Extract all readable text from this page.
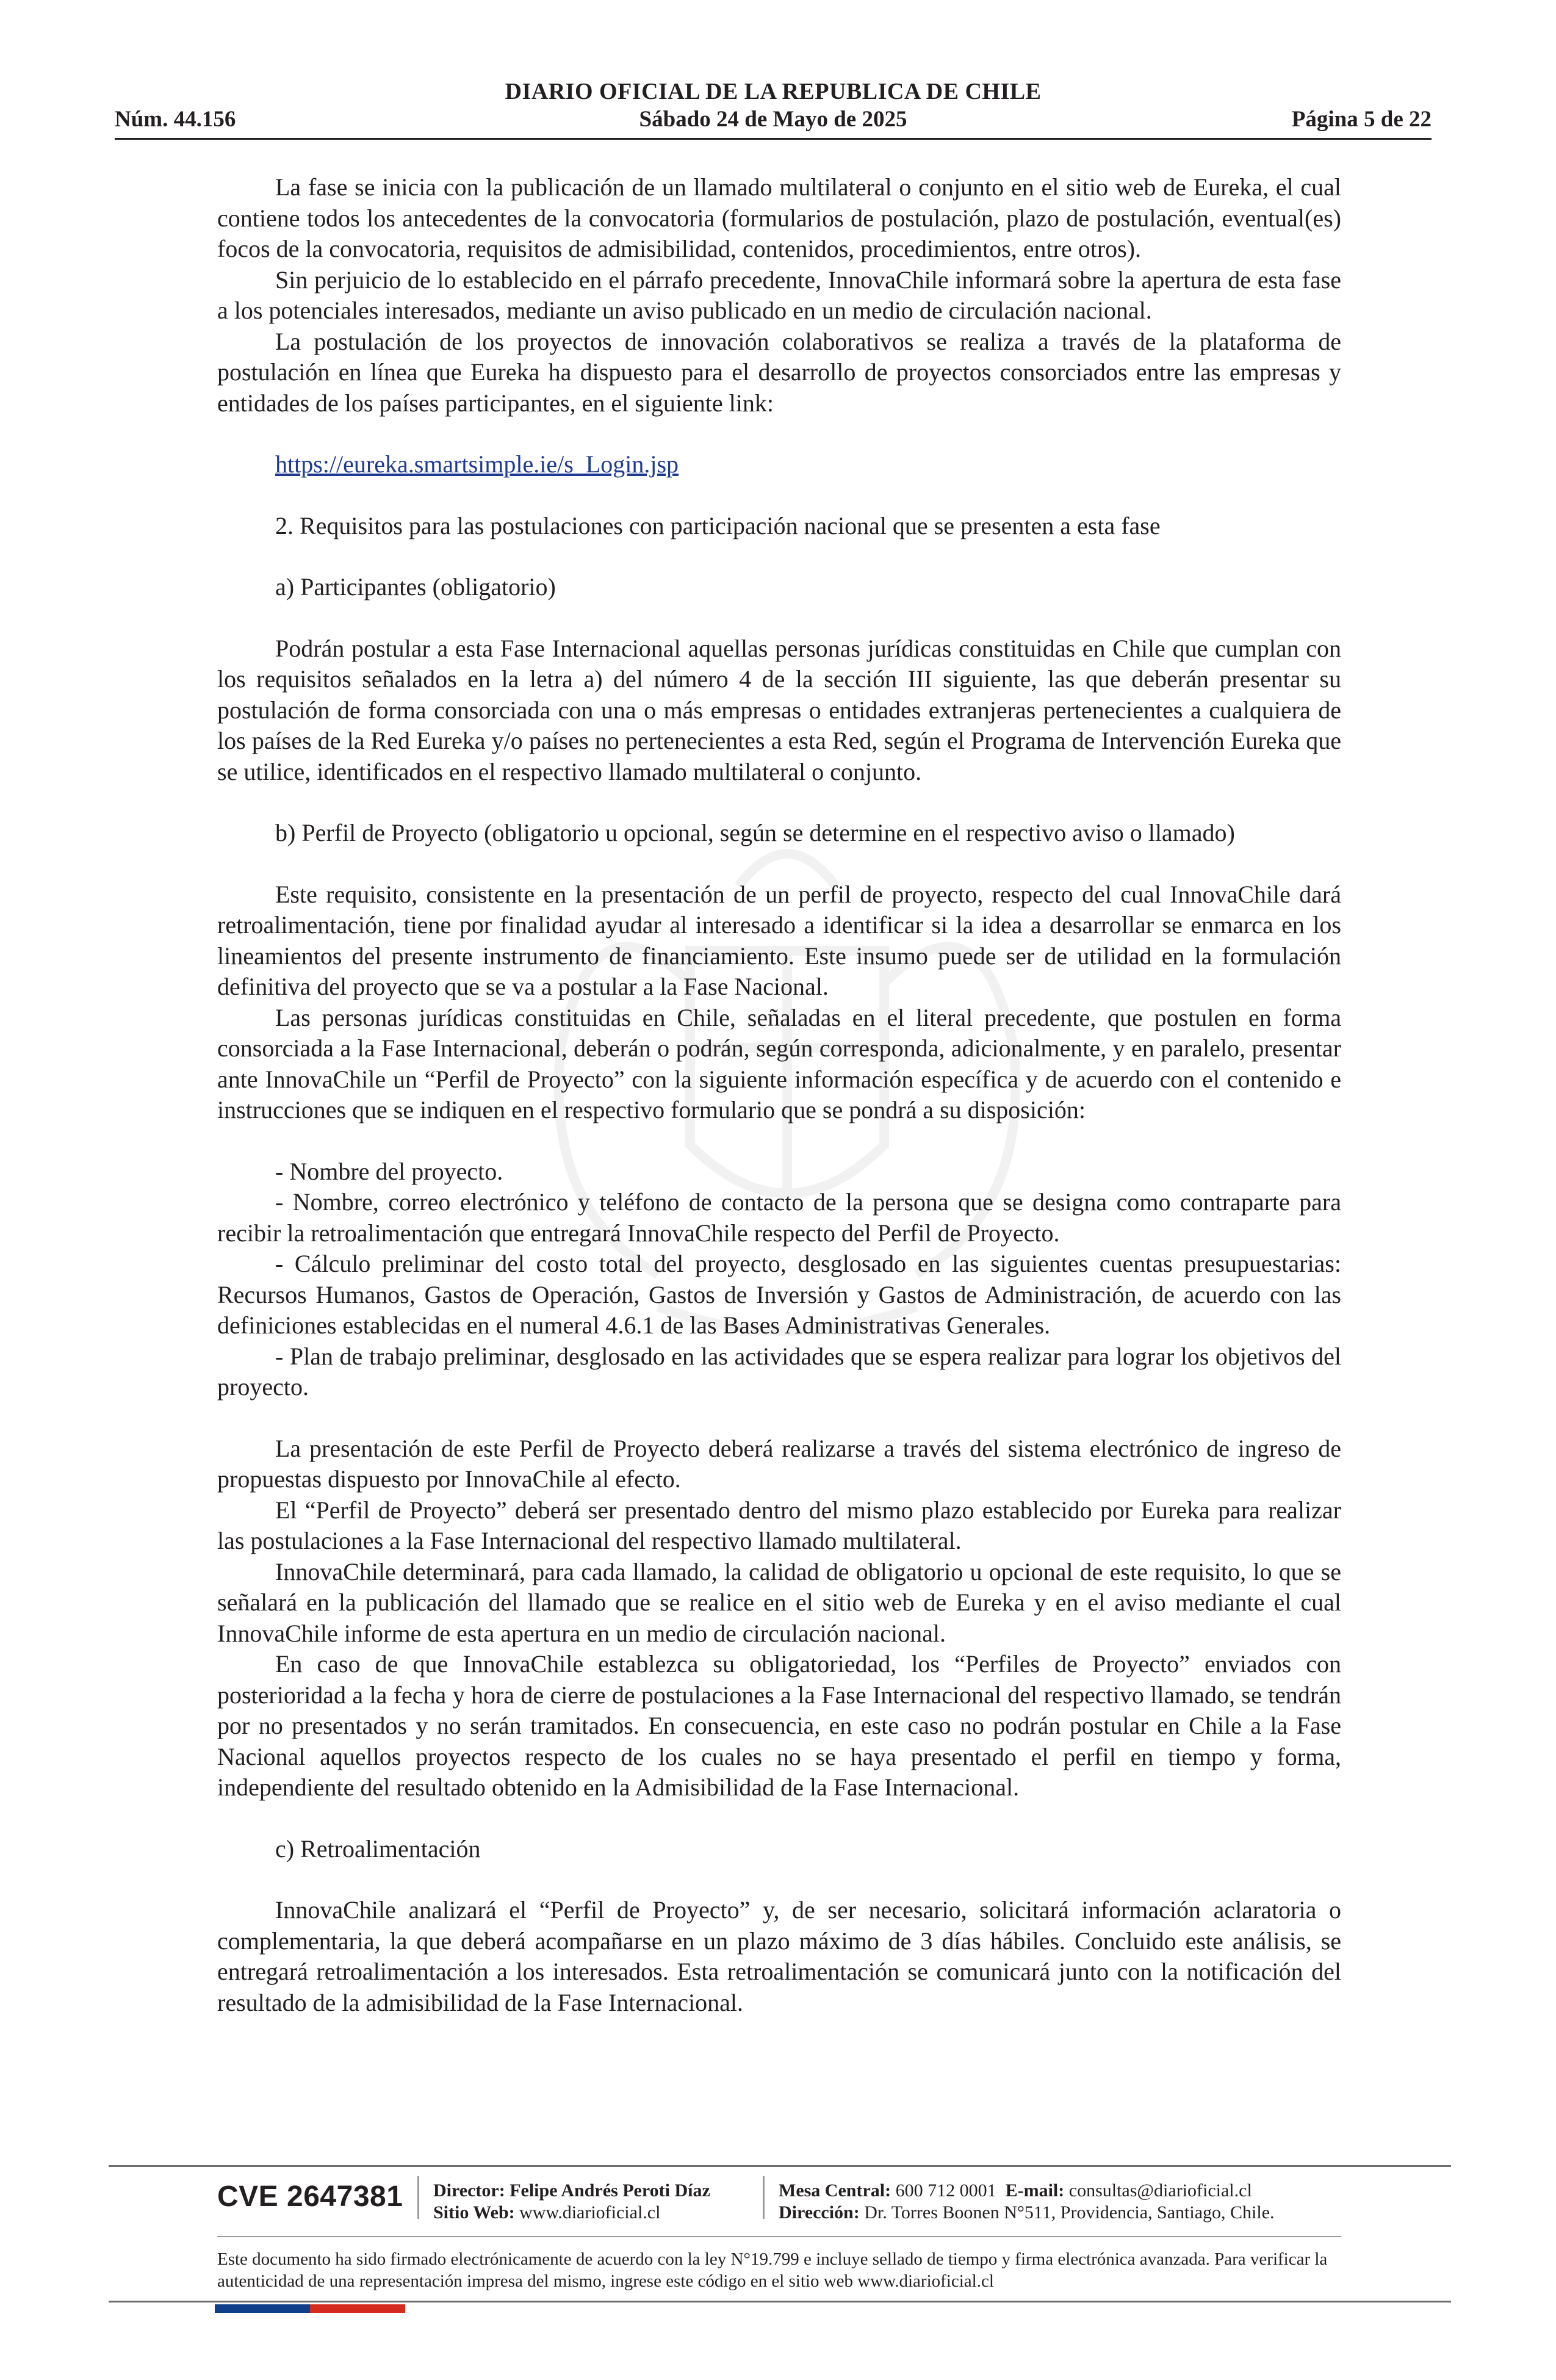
DIARIO OFICIAL DE LA REPUBLICA DE CHILE
Núm. 44.156	Sábado 24 de Mayo de 2025	Página 5 de 22

La fase se inicia con la publicación de un llamado multilateral o conjunto en el sitio web de Eureka, el cual contiene todos los antecedentes de la convocatoria (formularios de postulación, plazo de postulación, eventual(es) focos de la convocatoria, requisitos de admisibilidad, contenidos, procedimientos, entre otros).

Sin perjuicio de lo establecido en el párrafo precedente, InnovaChile informará sobre la apertura de esta fase a los potenciales interesados, mediante un aviso publicado en un medio de circulación nacional.

La postulación de los proyectos de innovación colaborativos se realiza a través de la plataforma de postulación en línea que Eureka ha dispuesto para el desarrollo de proyectos consorciados entre las empresas y entidades de los países participantes, en el siguiente link:

https://eureka.smartsimple.ie/s_Login.jsp

2. Requisitos para las postulaciones con participación nacional que se presenten a esta fase

a) Participantes (obligatorio)

Podrán postular a esta Fase Internacional aquellas personas jurídicas constituidas en Chile que cumplan con los requisitos señalados en la letra a) del número 4 de la sección III siguiente, las que deberán presentar su postulación de forma consorciada con una o más empresas o entidades extranjeras pertenecientes a cualquiera de los países de la Red Eureka y/o países no pertenecientes a esta Red, según el Programa de Intervención Eureka que se utilice, identificados en el respectivo llamado multilateral o conjunto.

b) Perfil de Proyecto (obligatorio u opcional, según se determine en el respectivo aviso o llamado)

Este requisito, consistente en la presentación de un perfil de proyecto, respecto del cual InnovaChile dará retroalimentación, tiene por finalidad ayudar al interesado a identificar si la idea a desarrollar se enmarca en los lineamientos del presente instrumento de financiamiento. Este insumo puede ser de utilidad en la formulación definitiva del proyecto que se va a postular a la Fase Nacional.

Las personas jurídicas constituidas en Chile, señaladas en el literal precedente, que postulen en forma consorciada a la Fase Internacional, deberán o podrán, según corresponda, adicionalmente, y en paralelo, presentar ante InnovaChile un “Perfil de Proyecto” con la siguiente información específica y de acuerdo con el contenido e instrucciones que se indiquen en el respectivo formulario que se pondrá a su disposición:

- Nombre del proyecto.

- Nombre, correo electrónico y teléfono de contacto de la persona que se designa como contraparte para recibir la retroalimentación que entregará InnovaChile respecto del Perfil de Proyecto.

- Cálculo preliminar del costo total del proyecto, desglosado en las siguientes cuentas presupuestarias: Recursos Humanos, Gastos de Operación, Gastos de Inversión y Gastos de Administración, de acuerdo con las definiciones establecidas en el numeral 4.6.1 de las Bases Administrativas Generales.

- Plan de trabajo preliminar, desglosado en las actividades que se espera realizar para lograr los objetivos del proyecto.

La presentación de este Perfil de Proyecto deberá realizarse a través del sistema electrónico de ingreso de propuestas dispuesto por InnovaChile al efecto.

El “Perfil de Proyecto” deberá ser presentado dentro del mismo plazo establecido por Eureka para realizar las postulaciones a la Fase Internacional del respectivo llamado multilateral.

InnovaChile determinará, para cada llamado, la calidad de obligatorio u opcional de este requisito, lo que se señalará en la publicación del llamado que se realice en el sitio web de Eureka y en el aviso mediante el cual InnovaChile informe de esta apertura en un medio de circulación nacional.

En caso de que InnovaChile establezca su obligatoriedad, los “Perfiles de Proyecto” enviados con posterioridad a la fecha y hora de cierre de postulaciones a la Fase Internacional del respectivo llamado, se tendrán por no presentados y no serán tramitados. En consecuencia, en este caso no podrán postular en Chile a la Fase Nacional aquellos proyectos respecto de los cuales no se haya presentado el perfil en tiempo y forma, independiente del resultado obtenido en la Admisibilidad de la Fase Internacional.

c) Retroalimentación

InnovaChile analizará el “Perfil de Proyecto” y, de ser necesario, solicitará información aclaratoria o complementaria, la que deberá acompañarse en un plazo máximo de 3 días hábiles. Concluido este análisis, se entregará retroalimentación a los interesados. Esta retroalimentación se comunicará junto con la notificación del resultado de la admisibilidad de la Fase Internacional.

CVE 2647381 Director: Felipe Andrés Peroti Díaz
Sitio Web: www.diarioficial.cl
Mesa Central: 600 712 0001 E-mail: consultas@diarioficial.cl
Dirección: Dr. Torres Boonen N°511, Providencia, Santiago, Chile.
Este documento ha sido firmado electrónicamente de acuerdo con la ley N°19.799 e incluye sellado de tiempo y firma electrónica avanzada. Para verificar la autenticidad de una representación impresa del mismo, ingrese este código en el sitio web www.diarioficial.cl
